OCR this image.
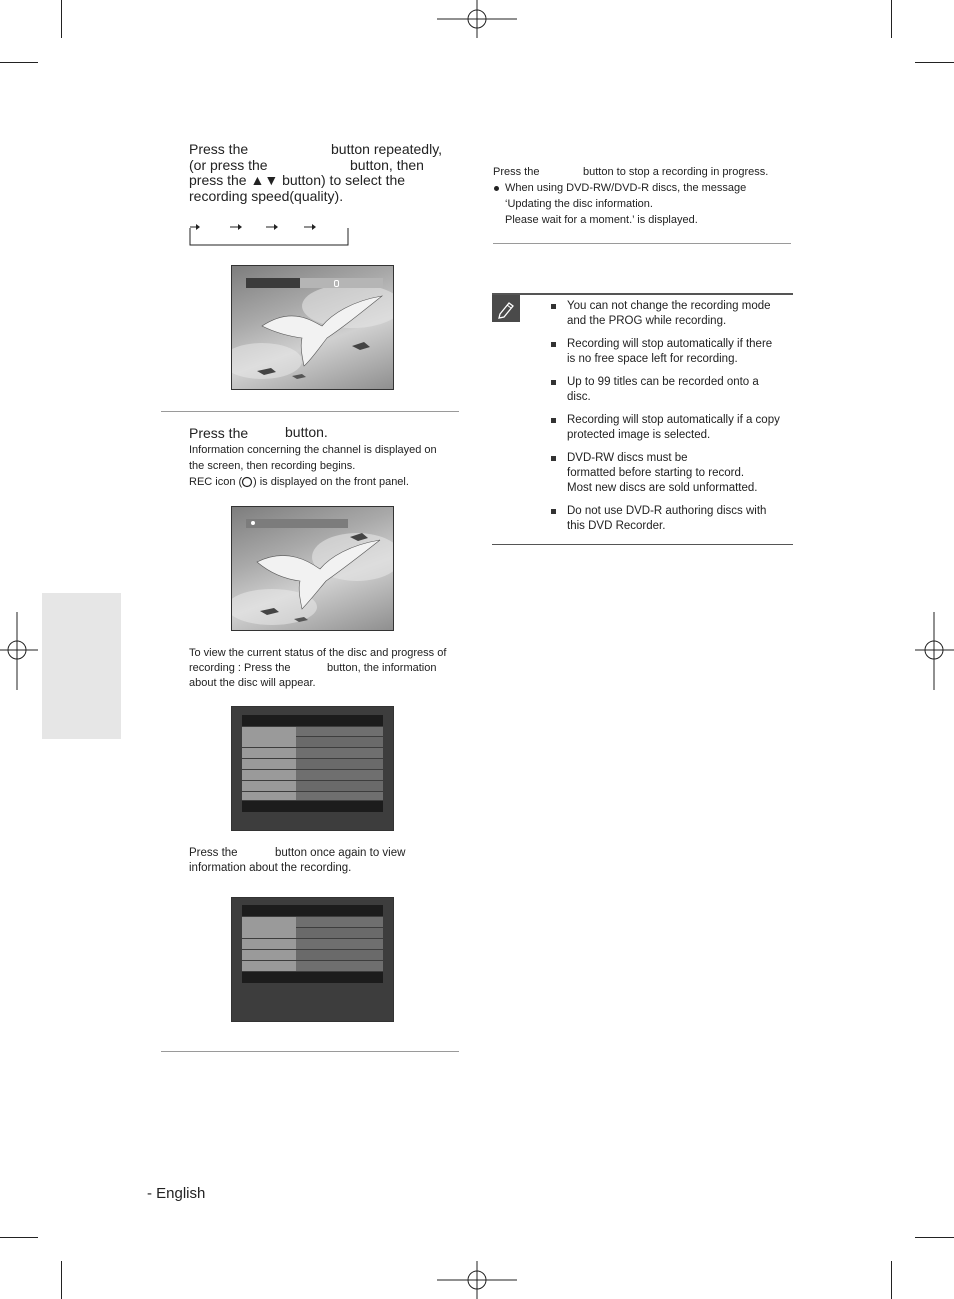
Press the	button repeatedly,
(or press the	button, then
press the ▲▼ button) to select the
recording speed(quality).
Press the	button.
Information concerning the channel is displayed on
the screen, then recording begins.
REC icon ( ) is displayed on the front panel.
To view the current status of the disc and progress of
recording : Press the	button, the information
about the disc will appear.
Press the	button once again to view
information about the recording.
Press the	button to stop a recording in progress.
When using DVD-RW/DVD-R discs, the message
‘Updating the disc information.
Please wait for a moment.’ is displayed.
You can not change the recording mode
and the PROG while recording.
Recording will stop automatically if there
is no free space left for recording.
Up to 99 titles can be recorded onto a
disc.
Recording will stop automatically if a copy
protected image is selected.
DVD-RW discs must be
formatted before starting to record.
Most new discs are sold unformatted.
Do not use DVD-R authoring discs with
this DVD Recorder.
- English
